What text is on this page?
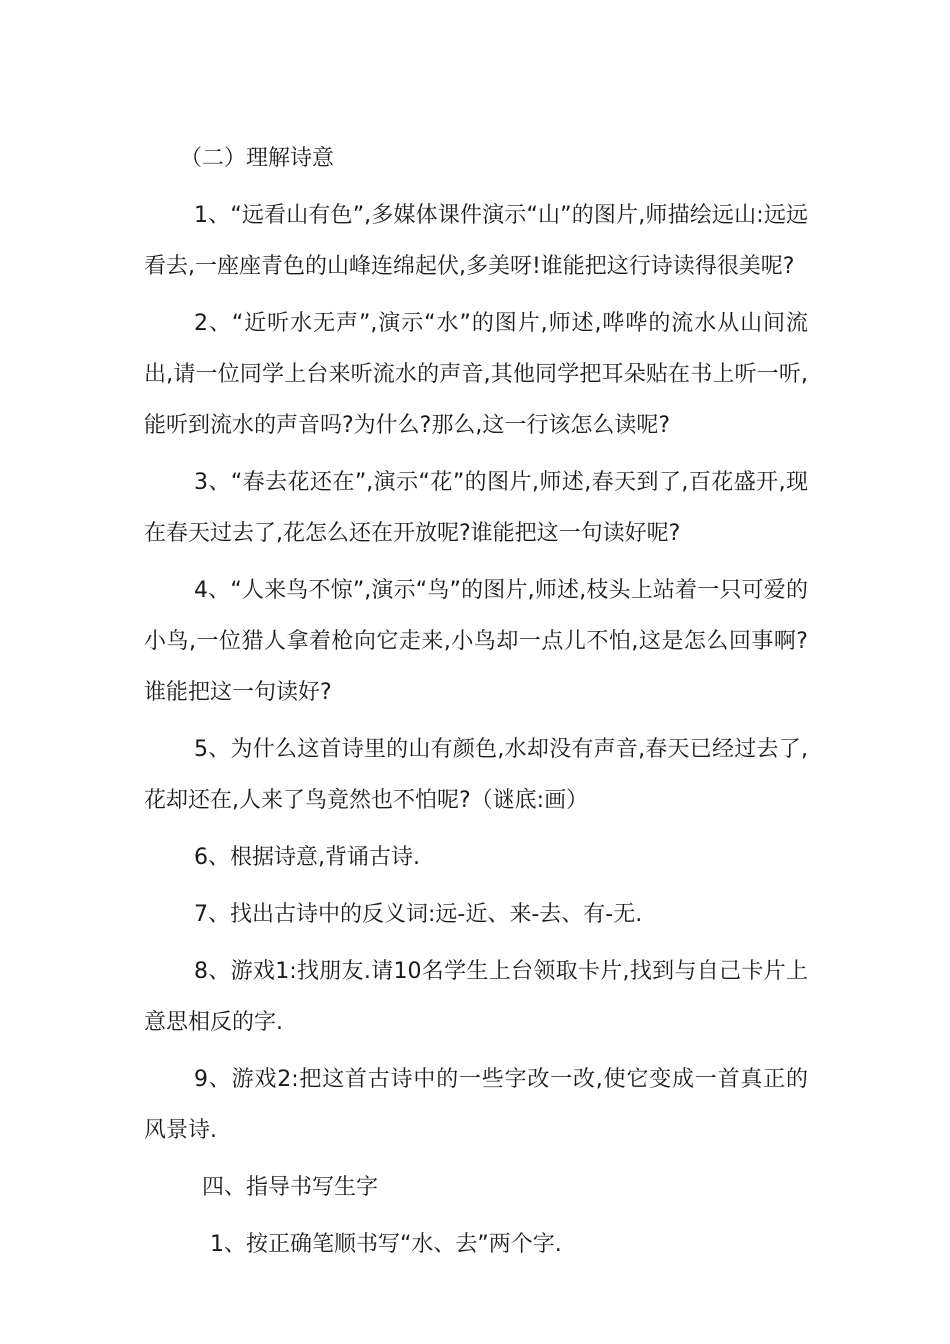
（二）理解诗意

1、“远看山有色”,多媒体课件演示“山”的图片,师描绘远山:远远看去,一座座青色的山峰连绵起伏,多美呀!谁能把这行诗读得很美呢?

2、“近听水无声”,演示“水”的图片,师述,哗哗的流水从山间流出,请一位同学上台来听流水的声音,其他同学把耳朵贴在书上听一听,能听到流水的声音吗?为什么?那么,这一行该怎么读呢?

3、“春去花还在”,演示“花”的图片,师述,春天到了,百花盛开,现在春天过去了,花怎么还在开放呢?谁能把这一句读好呢?

4、“人来鸟不惊”,演示“鸟”的图片,师述,枝头上站着一只可爱的小鸟,一位猎人拿着枪向它走来,小鸟却一点儿不怕,这是怎么回事啊?谁能把这一句读好?

5、为什么这首诗里的山有颜色,水却没有声音,春天已经过去了,花却还在,人来了鸟竟然也不怕呢?（谜底:画）

6、根据诗意,背诵古诗.

7、找出古诗中的反义词:远-近、来-去、有-无.

8、游戏1:找朋友.请10名学生上台领取卡片,找到与自己卡片上意思相反的字.

9、游戏2:把这首古诗中的一些字改一改,使它变成一首真正的风景诗.

四、指导书写生字

1、按正确笔顺书写“水、去”两个字.
